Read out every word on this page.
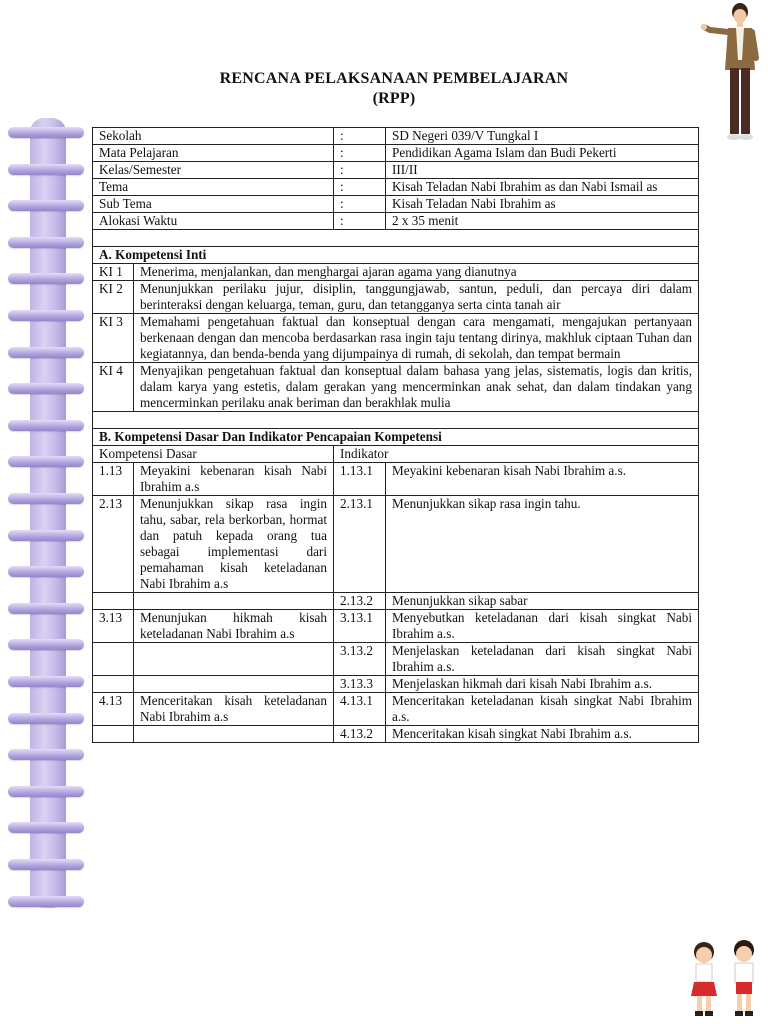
RENCANA PELAKSANAAN PEMBELAJARAN
(RPP)
Sekolah		:	SD Negeri 039/V Tungkal I
Mata Pelajaran		:	Pendidikan Agama Islam dan Budi Pekerti
Kelas/Semester		:	III/II
Tema		:	Kisah Teladan Nabi Ibrahim as dan Nabi Ismail as
Sub Tema		:	Kisah Teladan Nabi Ibrahim as
Alokasi Waktu		:	2 x 35 menit

A. Kompetensi Inti			
KI 1	Menerima, menjalankan, dan menghargai ajaran agama yang dianutnya		
KI 2	Menunjukkan perilaku jujur, disiplin, tanggungjawab, santun, peduli, dan percaya diri dalam berinteraksi dengan keluarga, teman, guru, dan tetangganya serta cinta tanah air		
KI 3	Memahami pengetahuan faktual dan konseptual dengan cara mengamati, mengajukan pertanyaan berkenaan dengan dan mencoba berdasarkan rasa ingin taju tentang dirinya, makhluk ciptaan Tuhan dan kegiatannya, dan benda-benda yang dijumpainya di rumah, di sekolah, dan tempat bermain		
KI 4	Menyajikan pengetahuan faktual dan konseptual dalam bahasa yang jelas, sistematis, logis dan kritis, dalam karya yang estetis, dalam gerakan yang mencerminkan anak sehat, dan dalam tindakan yang mencerminkan perilaku anak beriman dan berakhlak mulia		

B. Kompetensi Dasar Dan Indikator Pencapaian Kompetensi			
Kompetensi Dasar		Indikator	
1.13	Meyakini kebenaran kisah Nabi Ibrahim a.s	1.13.1	Meyakini kebenaran kisah Nabi Ibrahim a.s.
2.13	Menunjukkan sikap rasa ingin tahu, sabar, rela berkorban, hormat dan patuh kepada orang tua sebagai implementasi dari pemahaman kisah keteladanan Nabi Ibrahim a.s	2.13.1	Menunjukkan sikap rasa ingin tahu.
		2.13.2	Menunjukkan sikap sabar
3.13	Menunjukan hikmah kisah keteladanan Nabi Ibrahim a.s	3.13.1	Menyebutkan keteladanan dari kisah singkat Nabi Ibrahim a.s.
		3.13.2	Menjelaskan keteladanan dari kisah singkat Nabi Ibrahim a.s.
		3.13.3	Menjelaskan hikmah dari kisah Nabi Ibrahim a.s.
4.13	Menceritakan kisah keteladanan Nabi Ibrahim a.s	4.13.1	Menceritakan keteladanan kisah singkat Nabi Ibrahim a.s.
		4.13.2	Menceritakan kisah singkat Nabi Ibrahim a.s.
